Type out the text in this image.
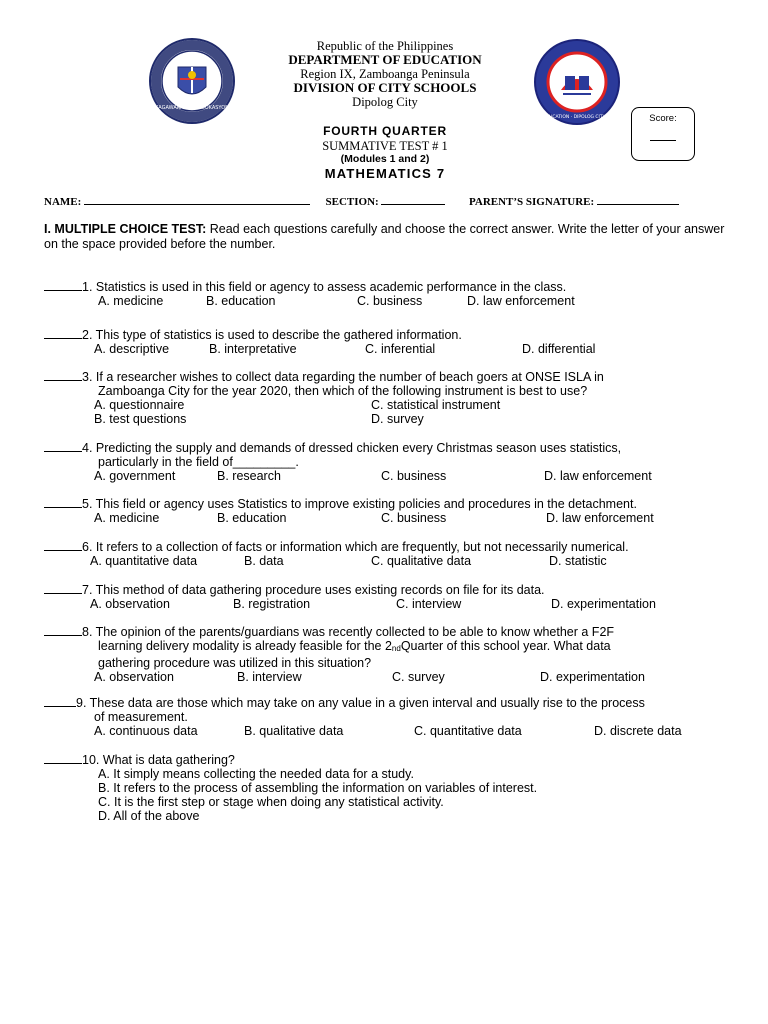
KAGAWARAN NG EDUKASYON
DEPARTMENT OF EDUCATION · DIPOLOG CITY SCHOOLS DIVISION
Republic of the Philippines
DEPARTMENT OF EDUCATION
Region IX, Zamboanga Peninsula
DIVISION OF CITY SCHOOLS
Dipolog City
FOURTH QUARTER
SUMMATIVE TEST # 1
(Modules 1 and 2)
MATHEMATICS 7
Score:
NAME:	SECTION:	PARENT’S SIGNATURE:
I. MULTIPLE CHOICE TEST: Read each questions carefully and choose the correct answer. Write the letter of your answer on the space provided before the number.
1. Statistics is used in this field or agency to assess academic performance in the class.
A. medicine	B. education	C. business	D. law enforcement
2. This type of statistics is used to describe the gathered information.
A. descriptive	B. interpretative	C. inferential	D. differential
3. If a researcher wishes to collect data regarding the number of beach goers at ONSE ISLA in
Zamboanga City for the year 2020, then which of the following instrument is best to use?
A. questionnaire	C. statistical instrument
B. test questions	D. survey
4. Predicting the supply and demands of dressed chicken every Christmas season uses statistics,
particularly in the field of_________.
A. government	B. research	C. business	D. law enforcement
5. This field or agency uses Statistics to improve existing policies and procedures in the detachment.
A. medicine	B. education	C. business	D. law enforcement
6. It refers to a collection of facts or information which are frequently, but not necessarily numerical.
A. quantitative data	B. data	C. qualitative data	D. statistic
7. This method of data gathering procedure uses existing records on file for its data.
A. observation	B. registration	C. interview	D. experimentation
8. The opinion of the parents/guardians was recently collected to be able to know whether a F2F
learning delivery modality is already feasible for the 2ndQuarter of this school year. What data
gathering procedure was utilized in this situation?
A. observation	B. interview	C. survey	D. experimentation
9. These data are those which may take on any value in a given interval and usually rise to the process
of measurement.
A. continuous data	B. qualitative data	C. quantitative data	D. discrete data
10. What is data gathering?
A. It simply means collecting the needed data for a study.
B. It refers to the process of assembling the information on variables of interest.
C. It is the first step or stage when doing any statistical activity.
D. All of the above
